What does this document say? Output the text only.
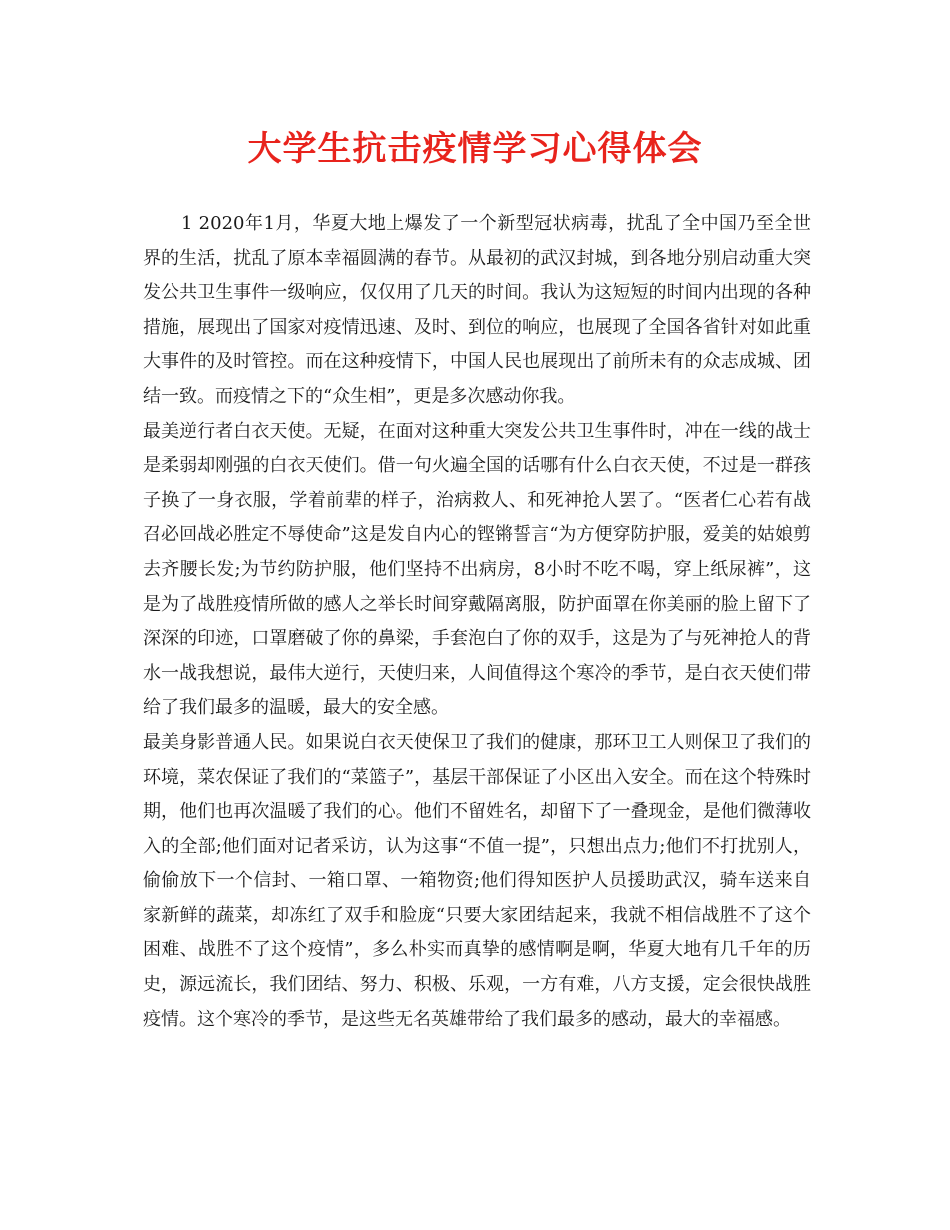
大学生抗击疫情学习心得体会

1 2020年1月，华夏大地上爆发了一个新型冠状病毒，扰乱了全中国乃至全世界的生活，扰乱了原本幸福圆满的春节。从最初的武汉封城，到各地分别启动重大突发公共卫生事件一级响应，仅仅用了几天的时间。我认为这短短的时间内出现的各种措施，展现出了国家对疫情迅速、及时、到位的响应，也展现了全国各省针对如此重大事件的及时管控。而在这种疫情下，中国人民也展现出了前所未有的众志成城、团结一致。而疫情之下的“众生相”，更是多次感动你我。

最美逆行者白衣天使。无疑，在面对这种重大突发公共卫生事件时，冲在一线的战士是柔弱却刚强的白衣天使们。借一句火遍全国的话哪有什么白衣天使，不过是一群孩子换了一身衣服，学着前辈的样子，治病救人、和死神抢人罢了。“医者仁心若有战召必回战必胜定不辱使命”这是发自内心的铿锵誓言“为方便穿防护服，爱美的姑娘剪去齐腰长发;为节约防护服，他们坚持不出病房，8小时不吃不喝，穿上纸尿裤”，这是为了战胜疫情所做的感人之举长时间穿戴隔离服，防护面罩在你美丽的脸上留下了深深的印迹，口罩磨破了你的鼻梁，手套泡白了你的双手，这是为了与死神抢人的背水一战我想说，最伟大逆行，天使归来，人间值得这个寒冷的季节，是白衣天使们带给了我们最多的温暖，最大的安全感。

最美身影普通人民。如果说白衣天使保卫了我们的健康，那环卫工人则保卫了我们的环境，菜农保证了我们的“菜篮子”，基层干部保证了小区出入安全。而在这个特殊时期，他们也再次温暖了我们的心。他们不留姓名，却留下了一叠现金，是他们微薄收入的全部;他们面对记者采访，认为这事“不值一提”，只想出点力;他们不打扰别人，偷偷放下一个信封、一箱口罩、一箱物资;他们得知医护人员援助武汉，骑车送来自家新鲜的蔬菜，却冻红了双手和脸庞“只要大家团结起来，我就不相信战胜不了这个困难、战胜不了这个疫情”，多么朴实而真挚的感情啊是啊，华夏大地有几千年的历史，源远流长，我们团结、努力、积极、乐观，一方有难，八方支援，定会很快战胜疫情。这个寒冷的季节，是这些无名英雄带给了我们最多的感动，最大的幸福感。
